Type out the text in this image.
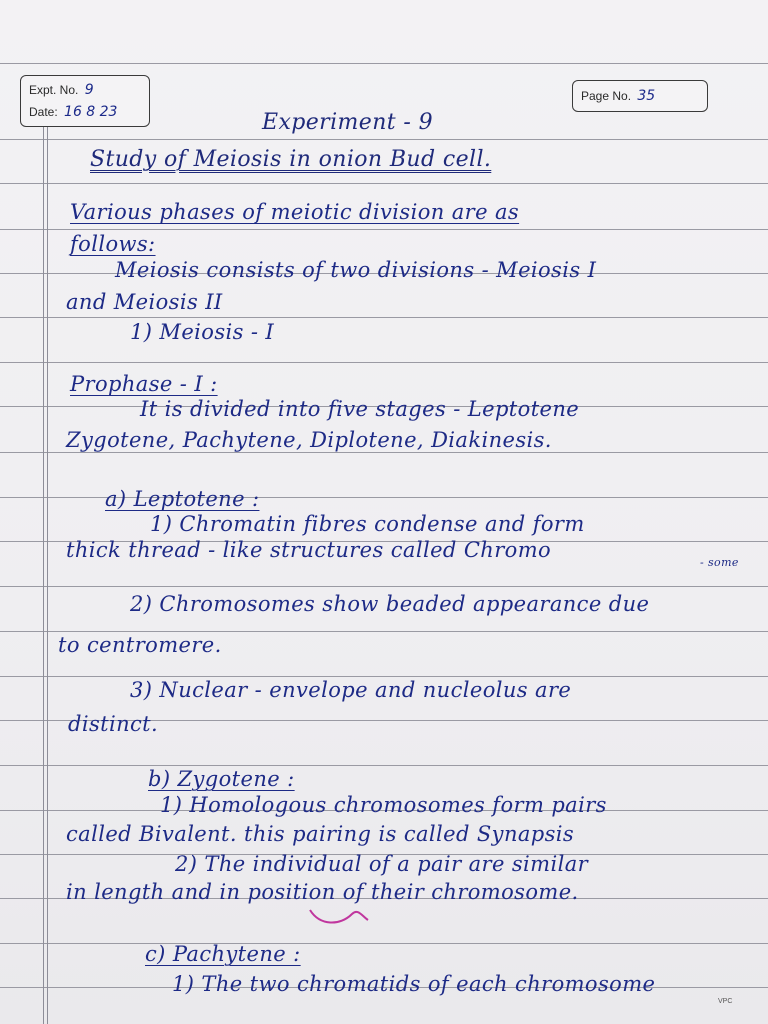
Expt. No. 9
Date: 16 8 23
Page No. 35
Experiment - 9
Study of Meiosis in onion Bud cell.
Various phases of meiotic division are as
follows:
Meiosis consists of two divisions - Meiosis I
and Meiosis II
1) Meiosis - I
Prophase - I :
It is divided into five stages - Leptotene
Zygotene, Pachytene, Diplotene, Diakinesis.
a) Leptotene :
1) Chromatin fibres condense and form
thick thread - like structures called Chromo
- some
2) Chromosomes show beaded appearance due
to centromere.
3) Nuclear - envelope and nucleolus are
distinct.
b) Zygotene :
1) Homologous chromosomes form pairs
called Bivalent. this pairing is called Synapsis
2) The individual of a pair are similar
in length and in position of their chromosome.
c) Pachytene :
1) The two chromatids of each chromosome
VPC
